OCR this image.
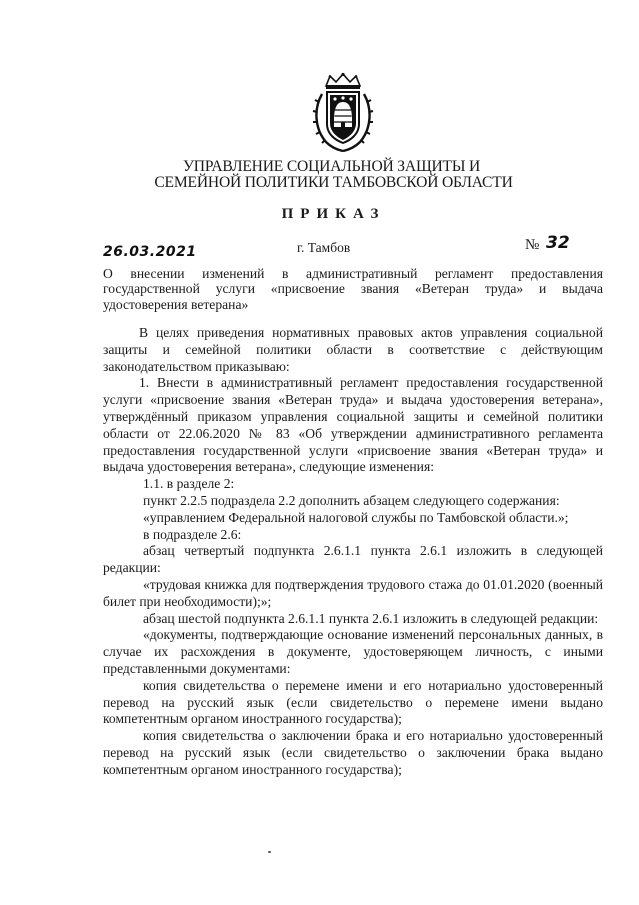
УПРАВЛЕНИЕ СОЦИАЛЬНОЙ ЗАЩИТЫ И
СЕМЕЙНОЙ ПОЛИТИКИ ТАМБОВСКОЙ ОБЛАСТИ
ПРИКАЗ
26.03.2021	г. Тамбов	№ 32
О внесении изменений в административный регламент предоставления государственной услуги «присвоение звания «Ветеран труда» и выдача удостоверения ветерана»

В целях приведения нормативных правовых актов управления социальной защиты и семейной политики области в соответствие с действующим законодательством приказываю:

1. Внести в административный регламент предоставления государственной услуги «присвоение звания «Ветеран труда» и выдача удостоверения ветерана», утверждённый приказом управления социальной защиты и семейной политики области от 22.06.2020 № 83 «Об утверждении административного регламента предоставления государственной услуги «присвоение звания «Ветеран труда» и выдача удостоверения ветерана», следующие изменения:

1.1. в разделе 2:

пункт 2.2.5 подраздела 2.2 дополнить абзацем следующего содержания:

«управлением Федеральной налоговой службы по Тамбовской области.»;

в подразделе 2.6:

абзац четвертый подпункта 2.6.1.1 пункта 2.6.1 изложить в следующей редакции:

«трудовая книжка для подтверждения трудового стажа до 01.01.2020 (военный билет при необходимости);»;

абзац шестой подпункта 2.6.1.1 пункта 2.6.1 изложить в следующей редакции:

«документы, подтверждающие основание изменений персональных данных, в случае их расхождения в документе, удостоверяющем личность, с иными представленными документами:

копия свидетельства о перемене имени и его нотариально удостоверенный перевод на русский язык (если свидетельство о перемене имени выдано компетентным органом иностранного государства);

копия свидетельства о заключении брака и его нотариально удостоверенный перевод на русский язык (если свидетельство о заключении брака выдано компетентным органом иностранного государства);
